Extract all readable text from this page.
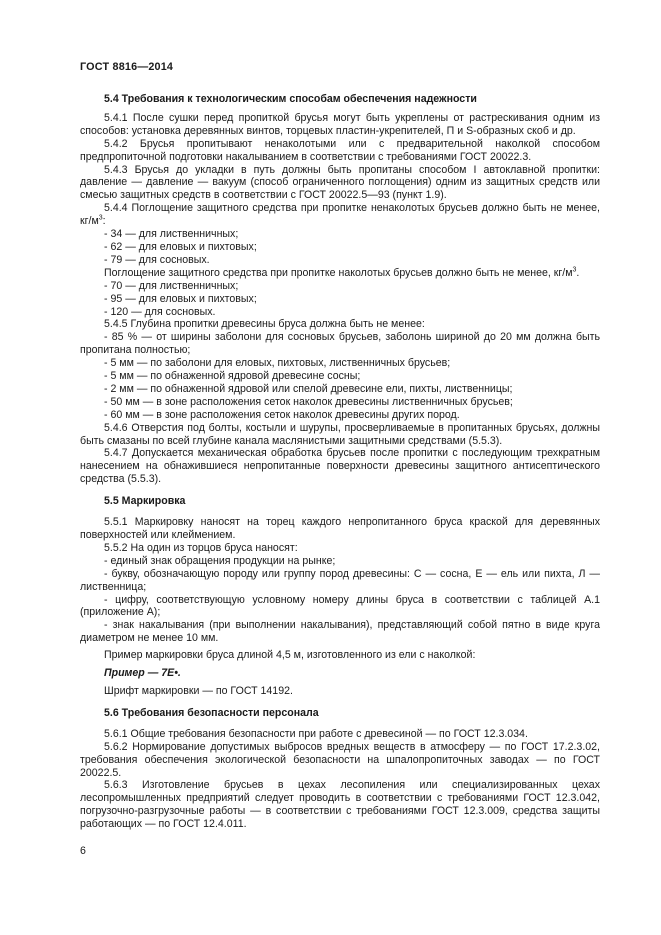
ГОСТ 8816—2014
5.4 Требования к технологическим способам обеспечения надежности
5.4.1 После сушки перед пропиткой брусья могут быть укреплены от растрескивания одним из способов: установка деревянных винтов, торцевых пластин-укрепителей, П и S-образных скоб и др.
5.4.2 Брусья пропитывают ненаколотыми или с предварительной наколкой способом предпропиточной подготовки накалыванием в соответствии с требованиями ГОСТ 20022.3.
5.4.3 Брусья до укладки в путь должны быть пропитаны способом I автоклавной пропитки: давление — давление — вакуум (способ ограниченного поглощения) одним из защитных средств или смесью защитных средств в соответствии с ГОСТ 20022.5—93 (пункт 1.9).
5.4.4 Поглощение защитного средства при пропитке ненаколотых брусьев должно быть не менее, $кг/м^3$:
- 34 — для лиственничных;
- 62 — для еловых и пихтовых;
- 79 — для сосновых.
Поглощение защитного средства при пропитке наколотых брусьев должно быть не менее, $кг/м^3$.
- 70 — для лиственничных;
- 95 — для еловых и пихтовых;
- 120 — для сосновых.
5.4.5 Глубина пропитки древесины бруса должна быть не менее:
- 85 % — от ширины заболони для сосновых брусьев, заболонь шириной до 20 мм должна быть пропитана полностью;
- 5 мм — по заболони для еловых, пихтовых, лиственничных брусьев;
- 5 мм — по обнаженной ядровой древесине сосны;
- 2 мм — по обнаженной ядровой или спелой древесине ели, пихты, лиственницы;
- 50 мм — в зоне расположения сеток наколок древесины лиственничных брусьев;
- 60 мм — в зоне расположения сеток наколок древесины других пород.
5.4.6 Отверстия под болты, костыли и шурупы, просверливаемые в пропитанных брусьях, должны быть смазаны по всей глубине канала маслянистыми защитными средствами (5.5.3).
5.4.7 Допускается механическая обработка брусьев после пропитки с последующим трехкратным нанесением на обнажившиеся непропитанные поверхности древесины защитного антисептического средства (5.5.3).
5.5 Маркировка
5.5.1 Маркировку наносят на торец каждого непропитанного бруса краской для деревянных поверхностей или клеймением.
5.5.2 На один из торцов бруса наносят:
- единый знак обращения продукции на рынке;
- букву, обозначающую породу или группу пород древесины: С — сосна, Е — ель или пихта, Л — лиственница;
- цифру, соответствующую условному номеру длины бруса в соответствии с таблицей А.1 (приложение А);
- знак накалывания (при выполнении накалывания), представляющий собой пятно в виде круга диаметром не менее 10 мм.
Пример маркировки бруса длиной 4,5 м, изготовленного из ели с наколкой:
Пример — 7Е•.
Шрифт маркировки — по ГОСТ 14192.
5.6 Требования безопасности персонала
5.6.1 Общие требования безопасности при работе с древесиной — по ГОСТ 12.3.034.
5.6.2 Нормирование допустимых выбросов вредных веществ в атмосферу — по ГОСТ 17.2.3.02, требования обеспечения экологической безопасности на шпалопропиточных заводах — по ГОСТ 20022.5.
5.6.3 Изготовление брусьев в цехах лесопиления или специализированных цехах лесопромышленных предприятий следует проводить в соответствии с требованиями ГОСТ 12.3.042, погрузочно-разгрузочные работы — в соответствии с требованиями ГОСТ 12.3.009, средства защиты работающих — по ГОСТ 12.4.011.
6
